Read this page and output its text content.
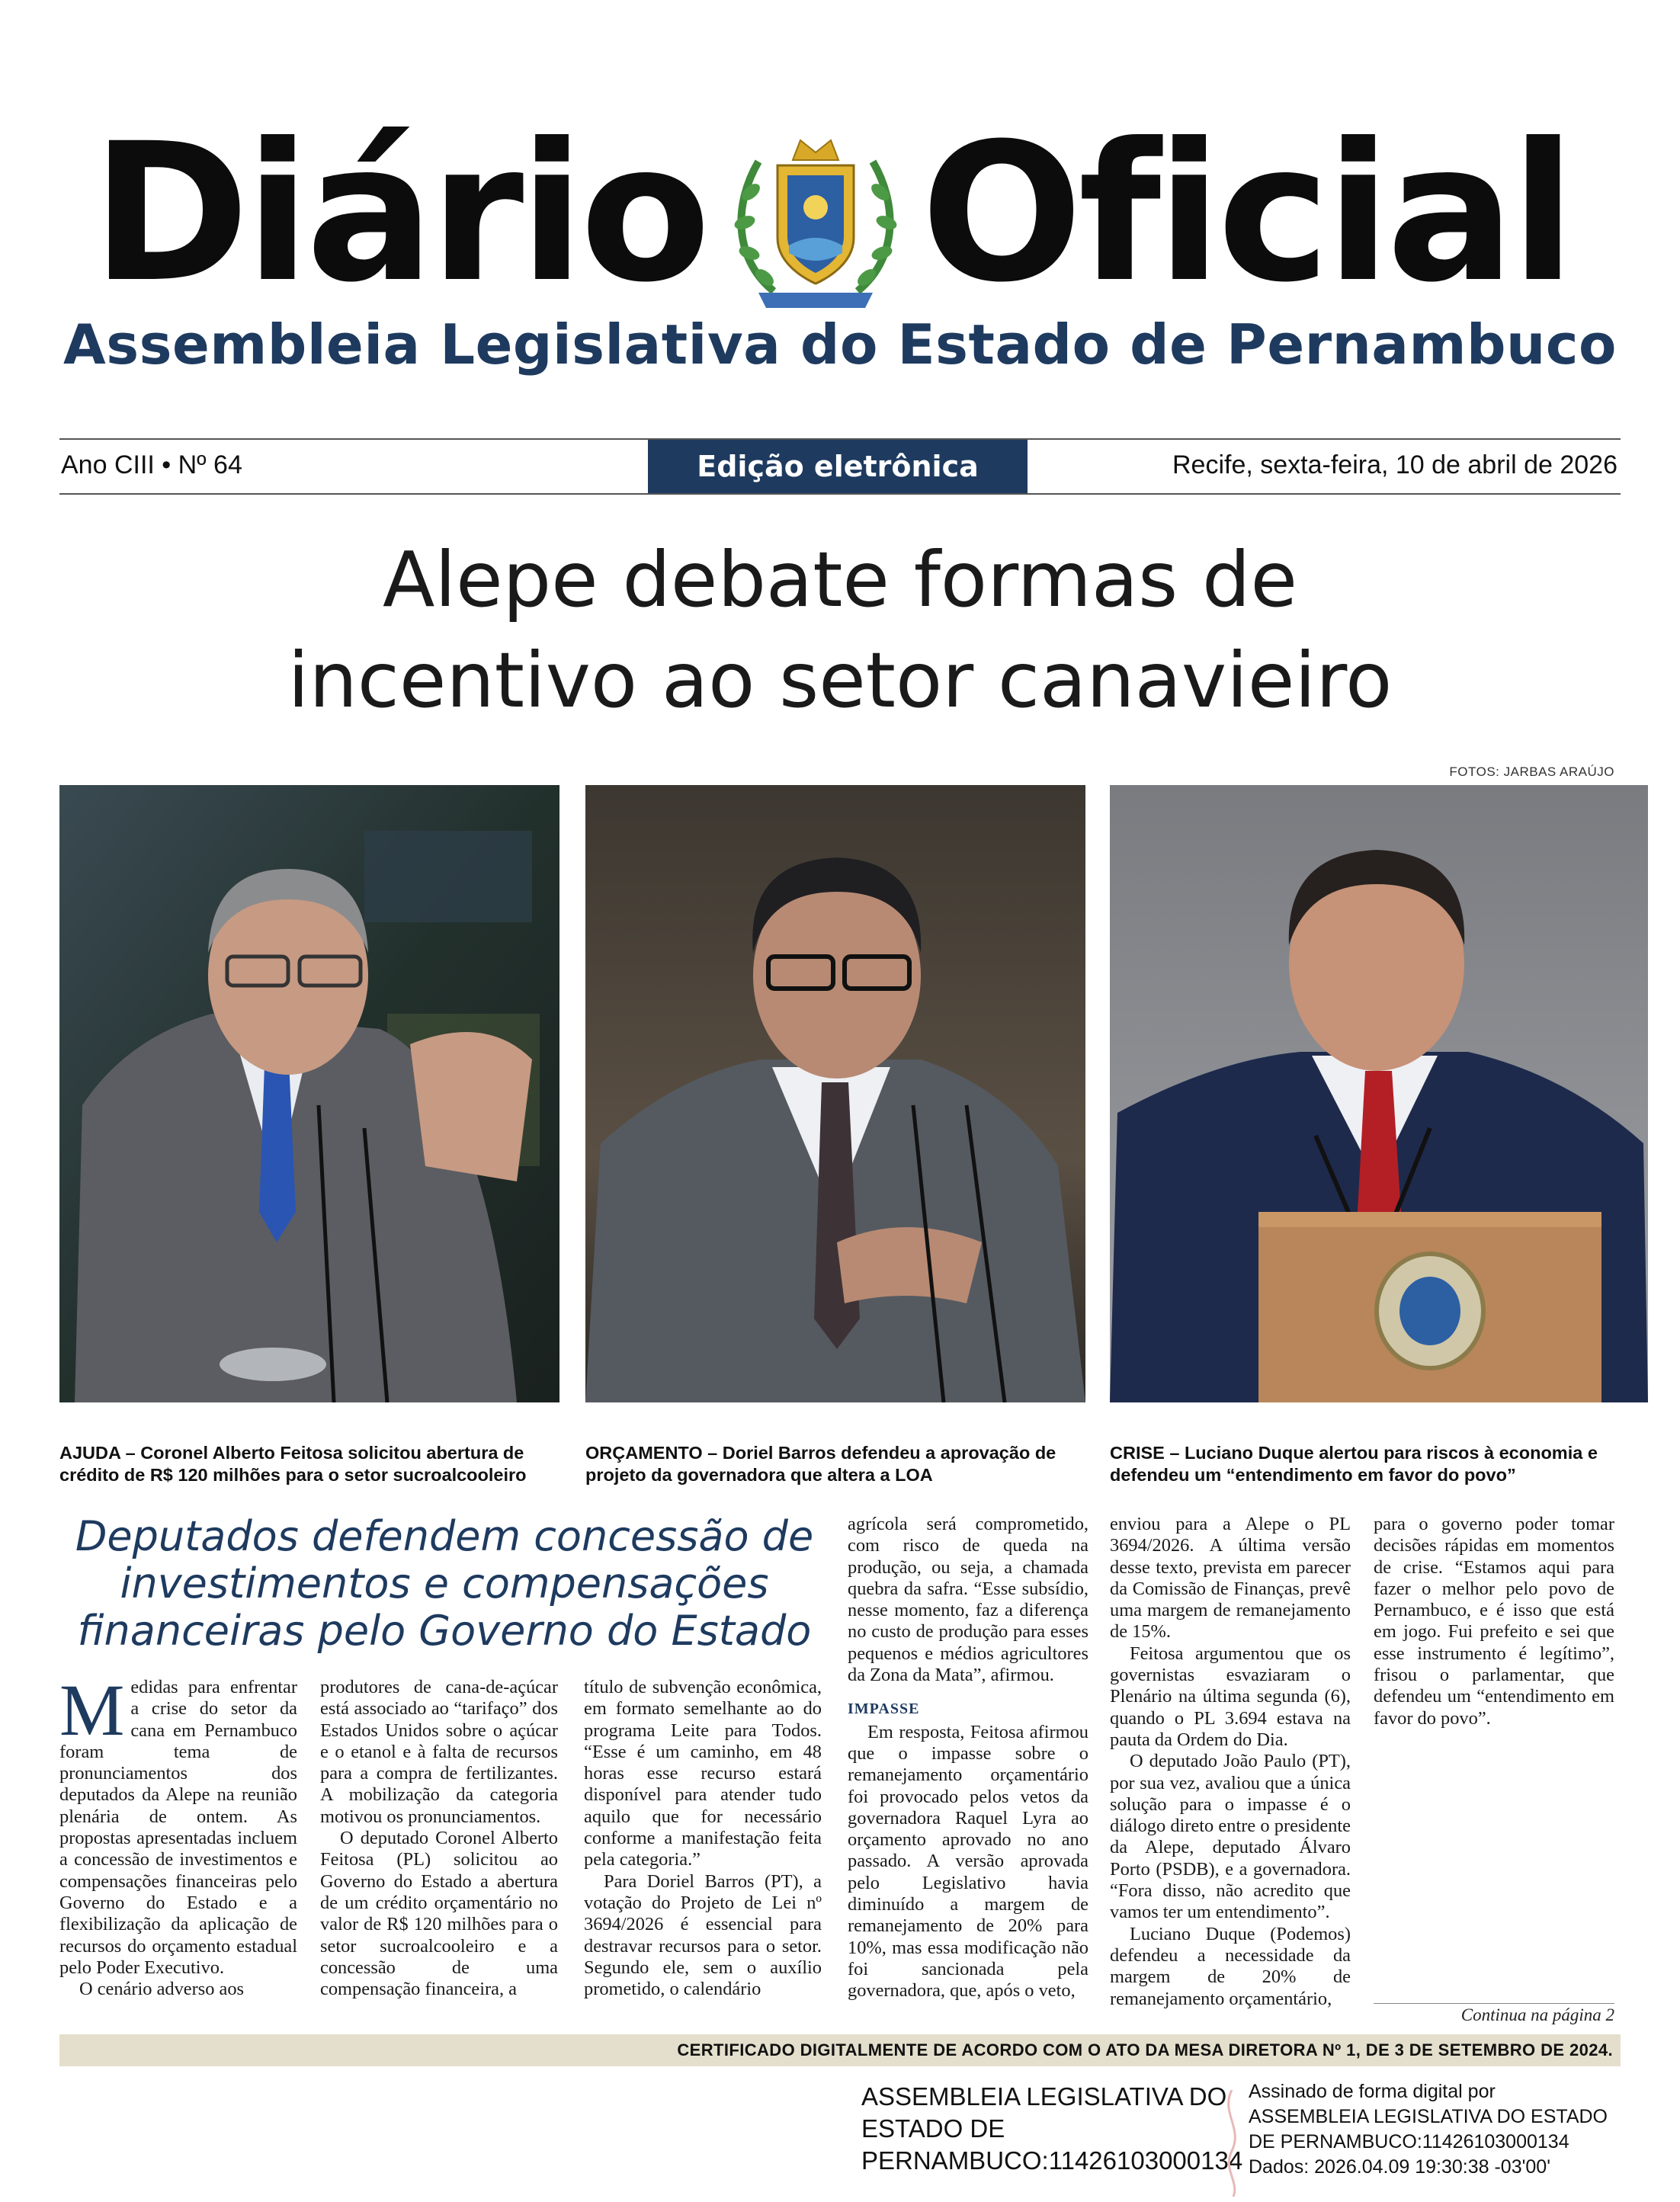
Diário Oficial
Assembleia Legislativa do Estado de Pernambuco
Ano CIII • Nº 64	Edição eletrônica	Recife, sexta-feira, 10 de abril de 2026
Alepe debate formas de
incentivo ao setor canavieiro
FOTOS: JARBAS ARAÚJO
AJUDA – Coronel Alberto Feitosa solicitou abertura de crédito de R$ 120 milhões para o setor sucroalcooleiro
ORÇAMENTO – Doriel Barros defendeu a aprovação de projeto da governadora que altera a LOA
CRISE – Luciano Duque alertou para riscos à economia e defendeu um “entendimento em favor do povo”
Deputados defendem concessão de investimentos e compensações financeiras pelo Governo do Estado

Medidas para enfrentar a crise do setor da cana em Pernambuco foram tema de pronunciamentos dos deputados da Alepe na reunião plenária de ontem. As propostas apresentadas incluem a concessão de investimentos e compensações financeiras pelo Governo do Estado e a flexibilização da aplicação de recursos do orçamento estadual pelo Poder Executivo.

O cenário adverso aos

produtores de cana-de-açúcar está associado ao “tarifaço” dos Estados Unidos sobre o açúcar e o etanol e à falta de recursos para a compra de fertilizantes. A mobilização da categoria motivou os pronunciamentos.

O deputado Coronel Alberto Feitosa (PL) solicitou ao Governo do Estado a abertura de um crédito orçamentário no valor de R$ 120 milhões para o setor sucroalcooleiro e a concessão de uma compensação financeira, a

título de subvenção econômica, em formato semelhante ao do programa Leite para Todos. “Esse é um caminho, em 48 horas esse recurso estará disponível para atender tudo aquilo que for necessário conforme a manifestação feita pela categoria.”

Para Doriel Barros (PT), a votação do Projeto de Lei nº 3694/2026 é essencial para destravar recursos para o setor. Segundo ele, sem o auxílio prometido, o calendário

agrícola será comprometido, com risco de queda na produção, ou seja, a chamada quebra da safra. “Esse subsídio, nesse momento, faz a diferença no custo de produção para esses pequenos e médios agricultores da Zona da Mata”, afirmou.

IMPASSE

Em resposta, Feitosa afirmou que o impasse sobre o remanejamento orçamentário foi provocado pelos vetos da governadora Raquel Lyra ao orçamento aprovado no ano passado. A versão aprovada pelo Legislativo havia diminuído a margem de remanejamento de 20% para 10%, mas essa modificação não foi sancionada pela governadora, que, após o veto,

enviou para a Alepe o PL 3694/2026. A última versão desse texto, prevista em parecer da Comissão de Finanças, prevê uma margem de remanejamento de 15%.

Feitosa argumentou que os governistas esvaziaram o Plenário na última segunda (6), quando o PL 3.694 estava na pauta da Ordem do Dia.

O deputado João Paulo (PT), por sua vez, avaliou que a única solução para o impasse é o diálogo direto entre o presidente da Alepe, deputado Álvaro Porto (PSDB), e a governadora. “Fora disso, não acredito que vamos ter um entendimento”.

Luciano Duque (Podemos) defendeu a necessidade da margem de 20% de remanejamento orçamentário,

para o governo poder tomar decisões rápidas em momentos de crise. “Estamos aqui para fazer o melhor pelo povo de Pernambuco, e é isso que está em jogo. Fui prefeito e sei que esse instrumento é legítimo”, frisou o parlamentar, que defendeu um “entendimento em favor do povo”.

Continua na página 2
CERTIFICADO DIGITALMENTE DE ACORDO COM O ATO DA MESA DIRETORA Nº 1, DE 3 DE SETEMBRO DE 2024.
ASSEMBLEIA LEGISLATIVA DO
ESTADO DE
PERNAMBUCO:11426103000134
Assinado de forma digital por
ASSEMBLEIA LEGISLATIVA DO ESTADO
DE PERNAMBUCO:11426103000134
Dados: 2026.04.09 19:30:38 -03'00'
